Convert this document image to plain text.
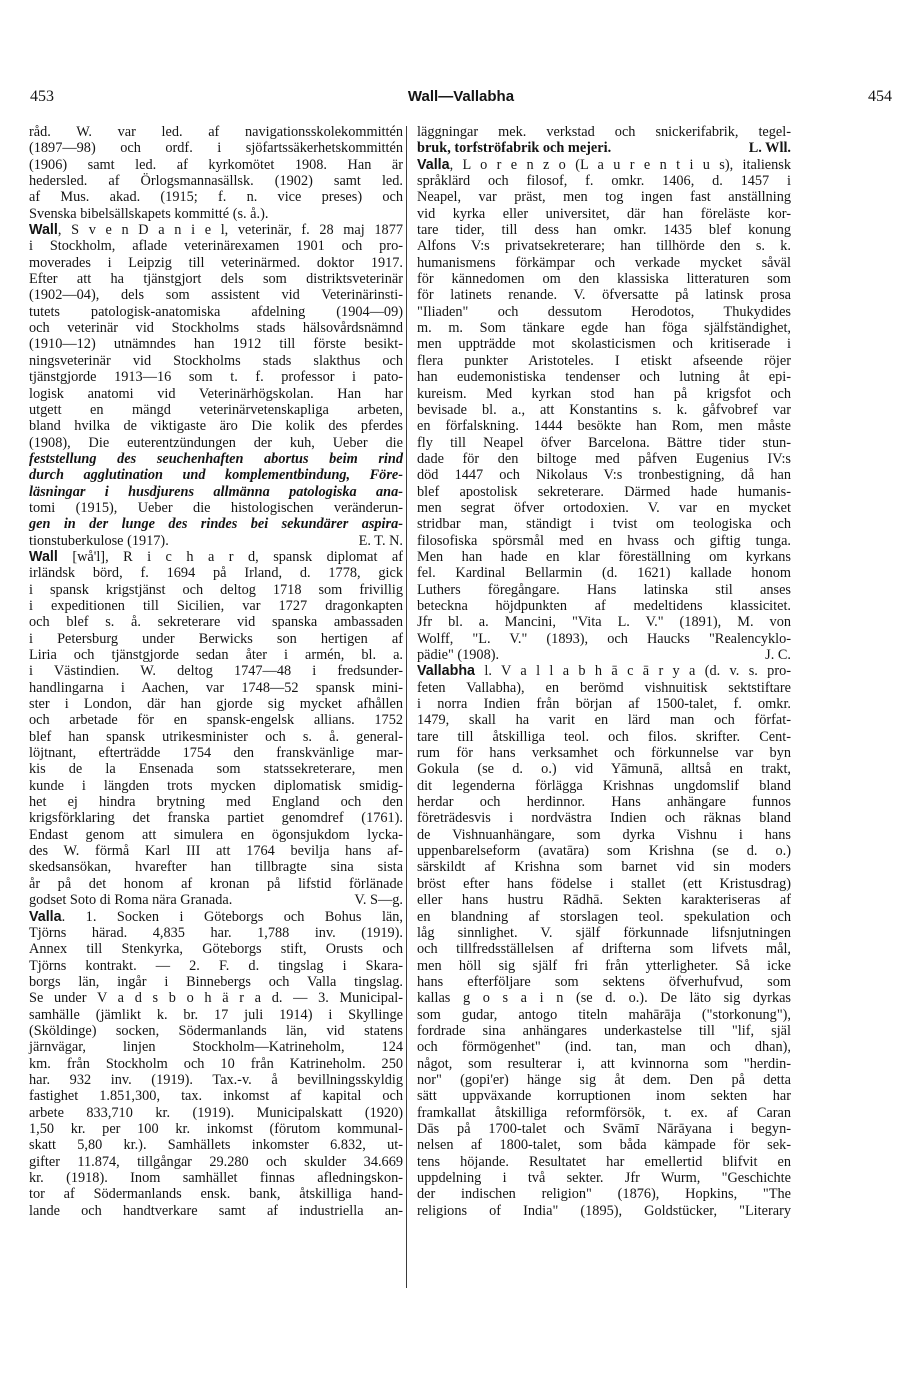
453	Wall—Vallabha	454
råd. W. var led. af navigationsskolekommittén
(1897—98) och ordf. i sjöfartssäkerhetskommittén
(1906) samt led. af kyrkomötet 1908. Han är
hedersled. af Örlogsmannasällsk. (1902) samt led.
af Mus. akad. (1915; f. n. vice preses) och
Svenska bibelsällskapets kommitté (s. å.).
Wall, S v e n D a n i e l, veterinär, f. 28 maj 1877
i Stockholm, aflade veterinärexamen 1901 och pro-
moverades i Leipzig till veterinärmed. doktor 1917.
Efter att ha tjänstgjort dels som distriktsveterinär
(1902—04), dels som assistent vid Veterinärinsti-
tutets patologisk-anatomiska afdelning (1904—09)
och veterinär vid Stockholms stads hälsovårdsnämnd
(1910—12) utnämndes han 1912 till förste besikt-
ningsveterinär vid Stockholms stads slakthus och
tjänstgjorde 1913—16 som t. f. professor i pato-
logisk anatomi vid Veterinärhögskolan. Han har
utgett en mängd veterinärvetenskapliga arbeten,
bland hvilka de viktigaste äro Die kolik des pferdes
(1908), Die euterentzündungen der kuh, Ueber die
feststellung des seuchenhaften abortus beim rind
durch agglutination und komplementbindung, Före-
läsningar i husdjurens allmänna patologiska ana-
tomi (1915), Ueber die histologischen veränderun-
gen in der lunge des rindes bei sekundärer aspira-
tionstuberkulose (1917).	E. T. N.
Wall [wå'l], R i c h a r d, spansk diplomat af
irländsk börd, f. 1694 på Irland, d. 1778, gick
i spansk krigstjänst och deltog 1718 som frivillig
i expeditionen till Sicilien, var 1727 dragonkapten
och blef s. å. sekreterare vid spanska ambassaden
i Petersburg under Berwicks son hertigen af
Liria och tjänstgjorde sedan åter i armén, bl. a.
i Västindien. W. deltog 1747—48 i fredsunder-
handlingarna i Aachen, var 1748—52 spansk mini-
ster i London, där han gjorde sig mycket afhållen
och arbetade för en spansk-engelsk allians. 1752
blef han spansk utrikesminister och s. å. general-
löjtnant, efterträdde 1754 den franskvänlige mar-
kis de la Ensenada som statssekreterare, men
kunde i längden trots mycken diplomatisk smidig-
het ej hindra brytning med England och den
krigsförklaring det franska partiet genomdref (1761).
Endast genom att simulera en ögonsjukdom lycka-
des W. förmå Karl III att 1764 bevilja hans af-
skedsansökan, hvarefter han tillbragte sina sista
år på det honom af kronan på lifstid förlänade
godset Soto di Roma nära Granada.	V. S—g.
Valla. 1. Socken i Göteborgs och Bohus län,
Tjörns härad. 4,835 har. 1,788 inv. (1919).
Annex till Stenkyrka, Göteborgs stift, Orusts och
Tjörns kontrakt. — 2. F. d. tingslag i Skara-
borgs län, ingår i Binnebergs och Valla tingslag.
Se under V a d s b o h ä r a d. — 3. Municipal-
samhälle (jämlikt k. br. 17 juli 1914) i Skyllinge
(Sköldinge) socken, Södermanlands län, vid statens
järnvägar, linjen Stockholm—Katrineholm, 124
km. från Stockholm och 10 från Katrineholm. 250
har. 932 inv. (1919). Tax.-v. å bevillningsskyldig
fastighet 1.851,300, tax. inkomst af kapital och
arbete 833,710 kr. (1919). Municipalskatt (1920)
1,50 kr. per 100 kr. inkomst (förutom kommunal-
skatt 5,80 kr.). Samhällets inkomster 6.832, ut-
gifter 11.874, tillgångar 29.280 och skulder 34.669
kr. (1918). Inom samhället finnas afledningskon-
tor af Södermanlands ensk. bank, åtskilliga hand-
lande och handtverkare samt af industriella an-
läggningar mek. verkstad och snickerifabrik, tegel-
bruk, torfströfabrik och mejeri.	L. Wll.
Valla, L o r e n z o (L a u r e n t i u s), italiensk
språklärd och filosof, f. omkr. 1406, d. 1457 i
Neapel, var präst, men tog ingen fast anställning
vid kyrka eller universitet, där han föreläste kor-
tare tider, till dess han omkr. 1435 blef konung
Alfons V:s privatsekreterare; han tillhörde den s. k.
humanismens förkämpar och verkade mycket såväl
för kännedomen om den klassiska litteraturen som
för latinets renande. V. öfversatte på latinsk prosa
"Iliaden" och dessutom Herodotos, Thukydides
m. m. Som tänkare egde han föga själfständighet,
men uppträdde mot skolasticismen och kritiserade i
flera punkter Aristoteles. I etiskt afseende röjer
han eudemonistiska tendenser och lutning åt epi-
kureism. Med kyrkan stod han på krigsfot och
bevisade bl. a., att Konstantins s. k. gåfvobref var
en förfalskning. 1444 besökte han Rom, men måste
fly till Neapel öfver Barcelona. Bättre tider stun-
dade för den biltoge med påfven Eugenius IV:s
död 1447 och Nikolaus V:s tronbestigning, då han
blef apostolisk sekreterare. Därmed hade humanis-
men segrat öfver ortodoxien. V. var en mycket
stridbar man, ständigt i tvist om teologiska och
filosofiska spörsmål med en hvass och giftig tunga.
Men han hade en klar föreställning om kyrkans
fel. Kardinal Bellarmin (d. 1621) kallade honom
Luthers föregångare. Hans latinska stil anses
beteckna höjdpunkten af medeltidens klassicitet.
Jfr bl. a. Mancini, "Vita L. V." (1891), M. von
Wolff, "L. V." (1893), och Haucks "Realencyklo-
pädie" (1908).	J. C.
Vallabha l. V a l l a b h ā c ā r y a (d. v. s. pro-
feten Vallabha), en berömd vishnuitisk sektstiftare
i norra Indien från början af 1500-talet, f. omkr.
1479, skall ha varit en lärd man och förfat-
tare till åtskilliga teol. och filos. skrifter. Cent-
rum för hans verksamhet och förkunnelse var byn
Gokula (se d. o.) vid Yāmunā, alltså en trakt,
dit legenderna förlägga Krishnas ungdomslif bland
herdar och herdinnor. Hans anhängare funnos
företrädesvis i nordvästra Indien och räknas bland
de Vishnuanhängare, som dyrka Vishnu i hans
uppenbarelseform (avatāra) som Krishna (se d. o.)
särskildt af Krishna som barnet vid sin moders
bröst efter hans födelse i stallet (ett Kristusdrag)
eller hans hustru Rādhā. Sekten karakteriseras af
en blandning af storslagen teol. spekulation och
låg sinnlighet. V. själf förkunnade lifsnjutningen
och tillfredsställelsen af drifterna som lifvets mål,
men höll sig själf fri från ytterligheter. Så icke
hans efterföljare som sektens öfverhufvud, som
kallas g o s a i n (se d. o.). De läto sig dyrkas
som gudar, antogo titeln mahārāja ("storkonung"),
fordrade sina anhängares underkastelse till "lif, själ
och förmögenhet" (ind. tan, man och dhan),
något, som resulterar i, att kvinnorna som "herdin-
nor" (gopi'er) hänge sig åt dem. Den på detta
sätt uppväxande korruptionen inom sekten har
framkallat åtskilliga reformförsök, t. ex. af Caran
Dās på 1700-talet och Svāmī Nārāyana i begyn-
nelsen af 1800-talet, som båda kämpade för sek-
tens höjande. Resultatet har emellertid blifvit en
uppdelning i två sekter. Jfr Wurm, "Geschichte
der indischen religion" (1876), Hopkins, "The
religions of India" (1895), Goldstücker, "Literary
